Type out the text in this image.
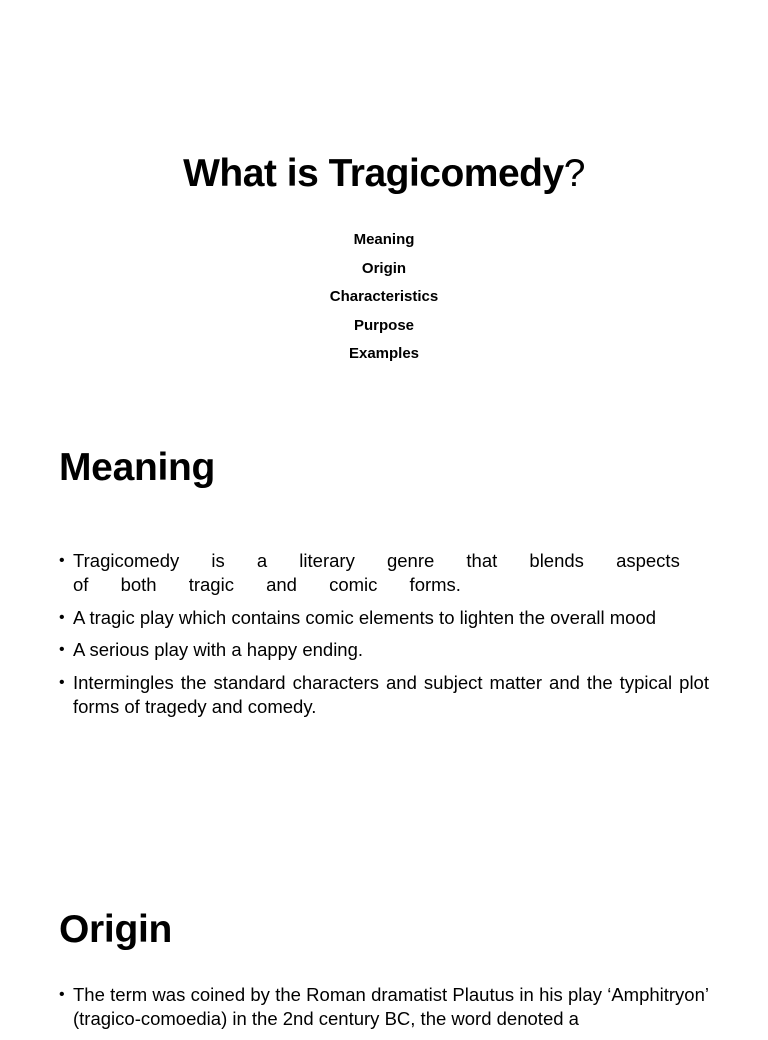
What is Tragicomedy?
Meaning
Origin
Characteristics
Purpose
Examples
Meaning
• Tragicomedy is a literary genre that blends aspects of both tragic and comic forms.
• A tragic play which contains comic elements to lighten the overall mood
• A serious play with a happy ending.
• Intermingles the standard characters and subject matter and the typical plot forms of tragedy and comedy.
Origin
• The term was coined by the Roman dramatist Plautus in his play ‘Amphitryon’ (tragico-comoedia) in the 2nd century BC, the word denoted a
